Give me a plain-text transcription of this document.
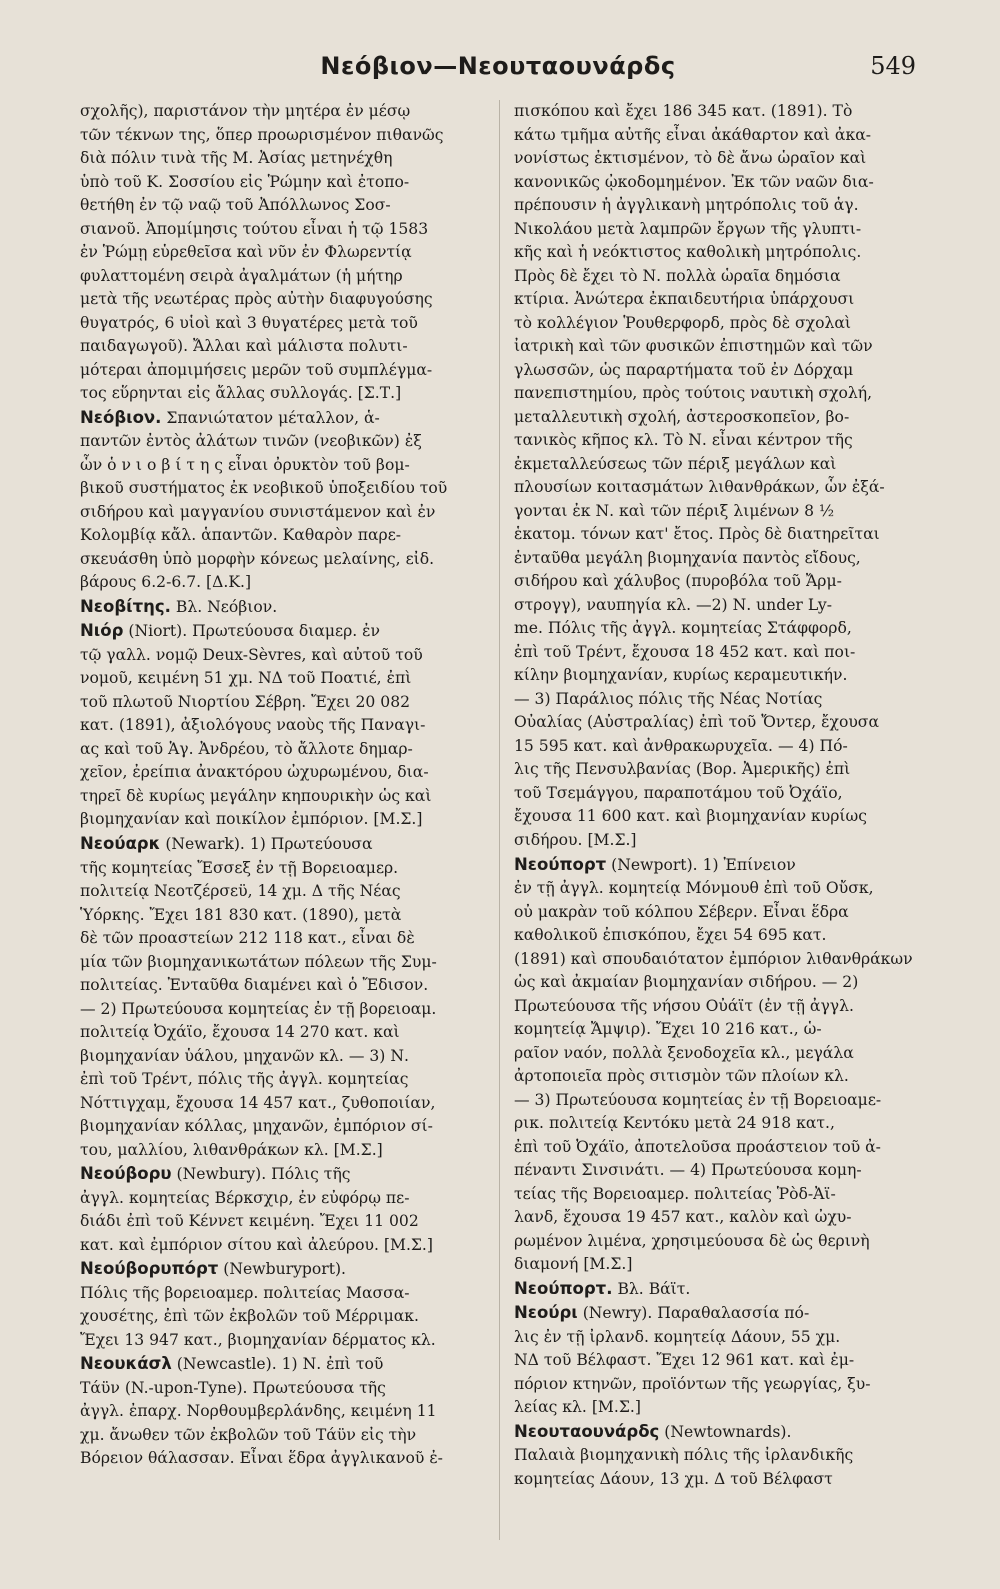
Νεόβιον—Νεουταουνάρδς	549
σχολῆς), παριστάνον τὴν μητέρα ἐν μέσῳ
τῶν τέκνων της, ὅπερ προωρισμένον πιθανῶς
διὰ πόλιν τινὰ τῆς Μ. Ἀσίας μετηνέχθη
ὑπὸ τοῦ Κ. Σοσσίου εἰς Ῥώμην καὶ ἐτοπο-
θετήθη ἐν τῷ ναῷ τοῦ Ἀπόλλωνος Σοσ-
σιανοῦ. Ἀπομίμησις τούτου εἶναι ἡ τῷ 1583
ἐν Ῥώμῃ εὑρεθεῖσα καὶ νῦν ἐν Φλωρεντίᾳ
φυλαττομένη σειρὰ ἀγαλμάτων (ἡ μήτηρ
μετὰ τῆς νεωτέρας πρὸς αὐτὴν διαφυγούσης
θυγατρός, 6 υἱοὶ καὶ 3 θυγατέρες μετὰ τοῦ
παιδαγωγοῦ). Ἄλλαι καὶ μάλιστα πολυτι-
μότεραι ἀπομιμήσεις μερῶν τοῦ συμπλέγμα-
τος εὕρηνται εἰς ἄλλας συλλογάς. [Σ.Τ.]
Νεόβιον. Σπανιώτατον μέταλλον, ἁ-
παντῶν ἐντὸς ἀλάτων τινῶν (νεοβικῶν) ἐξ
ὧν ὁ ν ι ο β ί τ η ς εἶναι ὀρυκτὸν τοῦ βομ-
βικοῦ συστήματος ἐκ νεοβικοῦ ὑποξειδίου τοῦ
σιδήρου καὶ μαγγανίου συνιστάμενον καὶ ἐν
Κολομβίᾳ κἄλ. ἁπαντῶν. Καθαρὸν παρε-
σκευάσθη ὑπὸ μορφὴν κόνεως μελαίνης, εἰδ.
βάρους 6.2-6.7. [Δ.Κ.]
Νεοβίτης. Βλ. Νεόβιον.
Νιόρ (Niort). Πρωτεύουσα διαμερ. ἐν
τῷ γαλλ. νομῷ Deux-Sèvres, καὶ αὐτοῦ τοῦ
νομοῦ, κειμένη 51 χμ. ΝΔ τοῦ Ποατιέ, ἐπὶ
τοῦ πλωτοῦ Νιορτίου Σέβρη. Ἔχει 20 082
κατ. (1891), ἀξιολόγους ναοὺς τῆς Παναγι-
ας καὶ τοῦ Ἁγ. Ἀνδρέου, τὸ ἄλλοτε δημαρ-
χεῖον, ἐρείπια ἀνακτόρου ὠχυρωμένου, δια-
τηρεῖ δὲ κυρίως μεγάλην κηπουρικὴν ὡς καὶ
βιομηχανίαν καὶ ποικίλον ἐμπόριον. [Μ.Σ.]
Νεούαρκ (Newark). 1) Πρωτεύουσα
τῆς κομητείας Ἔσσεξ ἐν τῇ Βορειοαμερ.
πολιτείᾳ Νεοτζέρσεϋ, 14 χμ. Δ τῆς Νέας
Ὑόρκης. Ἔχει 181 830 κατ. (1890), μετὰ
δὲ τῶν προαστείων 212 118 κατ., εἶναι δὲ
μία τῶν βιομηχανικωτάτων πόλεων τῆς Συμ-
πολιτείας. Ἐνταῦθα διαμένει καὶ ὁ Ἔδισον.
— 2) Πρωτεύουσα κομητείας ἐν τῇ βορειοαμ.
πολιτείᾳ Ὀχάϊο, ἔχουσα 14 270 κατ. καὶ
βιομηχανίαν ὑάλου, μηχανῶν κλ. — 3) Ν.
ἐπὶ τοῦ Τρέντ, πόλις τῆς ἀγγλ. κομητείας
Νόττιγχαμ, ἔχουσα 14 457 κατ., ζυθοποιίαν,
βιομηχανίαν κόλλας, μηχανῶν, ἐμπόριον σί-
του, μαλλίου, λιθανθράκων κλ. [Μ.Σ.]
Νεούβορυ (Newbury). Πόλις τῆς
ἀγγλ. κομητείας Βέρκσχιρ, ἐν εὐφόρῳ πε-
διάδι ἐπὶ τοῦ Κέννετ κειμένη. Ἔχει 11 002
κατ. καὶ ἐμπόριον σίτου καὶ ἀλεύρου. [Μ.Σ.]
Νεούβορυπόρτ (Newburyport).
Πόλις τῆς βορειοαμερ. πολιτείας Μασσα-
χουσέτης, ἐπὶ τῶν ἐκβολῶν τοῦ Μέρριμακ.
Ἔχει 13 947 κατ., βιομηχανίαν δέρματος κλ.
Νεουκάσλ (Newcastle). 1) Ν. ἐπὶ τοῦ
Τάϋν (N.-upon-Tyne). Πρωτεύουσα τῆς
ἀγγλ. ἐπαρχ. Νορθουμβερλάνδης, κειμένη 11
χμ. ἄνωθεν τῶν ἐκβολῶν τοῦ Τάϋν εἰς τὴν
Βόρειον θάλασσαν. Εἶναι ἕδρα ἀγγλικανοῦ ἐ-
πισκόπου καὶ ἔχει 186 345 κατ. (1891). Τὸ
κάτω τμῆμα αὐτῆς εἶναι ἀκάθαρτον καὶ ἀκα-
νονίστως ἐκτισμένον, τὸ δὲ ἄνω ὡραῖον καὶ
κανονικῶς ᾠκοδομημένον. Ἐκ τῶν ναῶν δια-
πρέπουσιν ἡ ἀγγλικανὴ μητρόπολις τοῦ ἁγ.
Νικολάου μετὰ λαμπρῶν ἔργων τῆς γλυπτι-
κῆς καὶ ἡ νεόκτιστος καθολικὴ μητρόπολις.
Πρὸς δὲ ἔχει τὸ Ν. πολλὰ ὡραῖα δημόσια
κτίρια. Ἀνώτερα ἐκπαιδευτήρια ὑπάρχουσι
τὸ κολλέγιον Ῥουθερφορδ, πρὸς δὲ σχολαὶ
ἰατρικὴ καὶ τῶν φυσικῶν ἐπιστημῶν καὶ τῶν
γλωσσῶν, ὡς παραρτήματα τοῦ ἐν Δόρχαμ
πανεπιστημίου, πρὸς τούτοις ναυτικὴ σχολή,
μεταλλευτικὴ σχολή, ἀστεροσκοπεῖον, βο-
τανικὸς κῆπος κλ. Τὸ Ν. εἶναι κέντρον τῆς
ἐκμεταλλεύσεως τῶν πέριξ μεγάλων καὶ
πλουσίων κοιτασμάτων λιθανθράκων, ὧν ἐξά-
γονται ἐκ Ν. καὶ τῶν πέριξ λιμένων 8 ½
ἑκατομ. τόνων κατ' ἔτος. Πρὸς δὲ διατηρεῖται
ἐνταῦθα μεγάλη βιομηχανία παντὸς εἴδους,
σιδήρου καὶ χάλυβος (πυροβόλα τοῦ Ἄρμ-
στρογγ), ναυπηγία κλ. —2) Ν. under Ly-
me. Πόλις τῆς ἀγγλ. κομητείας Στάφφορδ,
ἐπὶ τοῦ Τρέντ, ἔχουσα 18 452 κατ. καὶ ποι-
κίλην βιομηχανίαν, κυρίως κεραμευτικήν.
— 3) Παράλιος πόλις τῆς Νέας Νοτίας
Οὐαλίας (Αὐστραλίας) ἐπὶ τοῦ Ὄντερ, ἔχουσα
15 595 κατ. καὶ ἀνθρακωρυχεῖα. — 4) Πό-
λις τῆς Πενσυλβανίας (Βορ. Ἀμερικῆς) ἐπὶ
τοῦ Τσεμάγγου, παραποτάμου τοῦ Ὀχάϊο,
ἔχουσα 11 600 κατ. καὶ βιομηχανίαν κυρίως
σιδήρου. [Μ.Σ.]
Νεούπορτ (Newport). 1) Ἐπίνειον
ἐν τῇ ἀγγλ. κομητείᾳ Μόνμουθ ἐπὶ τοῦ Οὔσκ,
οὐ μακρὰν τοῦ κόλπου Σέβερν. Εἶναι ἕδρα
καθολικοῦ ἐπισκόπου, ἔχει 54 695 κατ.
(1891) καὶ σπουδαιότατον ἐμπόριον λιθανθράκων
ὡς καὶ ἀκμαίαν βιομηχανίαν σιδήρου. — 2)
Πρωτεύουσα τῆς νήσου Οὐάϊτ (ἐν τῇ ἀγγλ.
κομητείᾳ Ἄμψιρ). Ἔχει 10 216 κατ., ὡ-
ραῖον ναόν, πολλὰ ξενοδοχεῖα κλ., μεγάλα
ἀρτοποιεῖα πρὸς σιτισμὸν τῶν πλοίων κλ.
— 3) Πρωτεύουσα κομητείας ἐν τῇ Βορειοαμε-
ρικ. πολιτείᾳ Κεντόκυ μετὰ 24 918 κατ.,
ἐπὶ τοῦ Ὀχάϊο, ἀποτελοῦσα προάστειον τοῦ ἀ-
πέναντι Σινσινάτι. — 4) Πρωτεύουσα κομη-
τείας τῆς Βορειοαμερ. πολιτείας Ῥὸδ-Ἀϊ-
λανδ, ἔχουσα 19 457 κατ., καλὸν καὶ ὠχυ-
ρωμένον λιμένα, χρησιμεύουσα δὲ ὡς θερινὴ
διαμονή [Μ.Σ.]
Νεούπορτ. Βλ. Βάϊτ.
Νεούρι (Newry). Παραθαλασσία πό-
λις ἐν τῇ ἰρλανδ. κομητείᾳ Δάουν, 55 χμ.
ΝΔ τοῦ Βέλφαστ. Ἔχει 12 961 κατ. καὶ ἐμ-
πόριον κτηνῶν, προϊόντων τῆς γεωργίας, ξυ-
λείας κλ. [Μ.Σ.]
Νεουταουνάρδς (Newtownards).
Παλαιὰ βιομηχανικὴ πόλις τῆς ἰρλανδικῆς
κομητείας Δάουν, 13 χμ. Δ τοῦ Βέλφαστ
